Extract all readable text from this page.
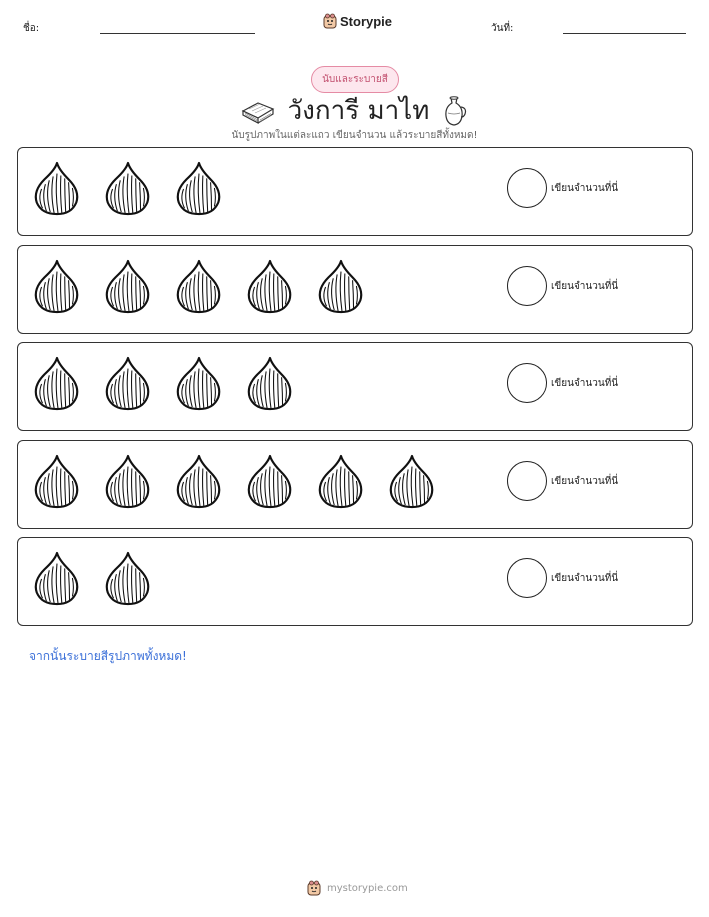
ชื่อ:	Storypie	วันที่:
นับและระบายสี
วังการี มาไท
นับรูปภาพในแต่ละแถว เขียนจำนวน แล้วระบายสีทั้งหมด!
เขียนจำนวนที่นี่
เขียนจำนวนที่นี่
เขียนจำนวนที่นี่
เขียนจำนวนที่นี่
เขียนจำนวนที่นี่
จากนั้นระบายสีรูปภาพทั้งหมด!
mystorypie.com
